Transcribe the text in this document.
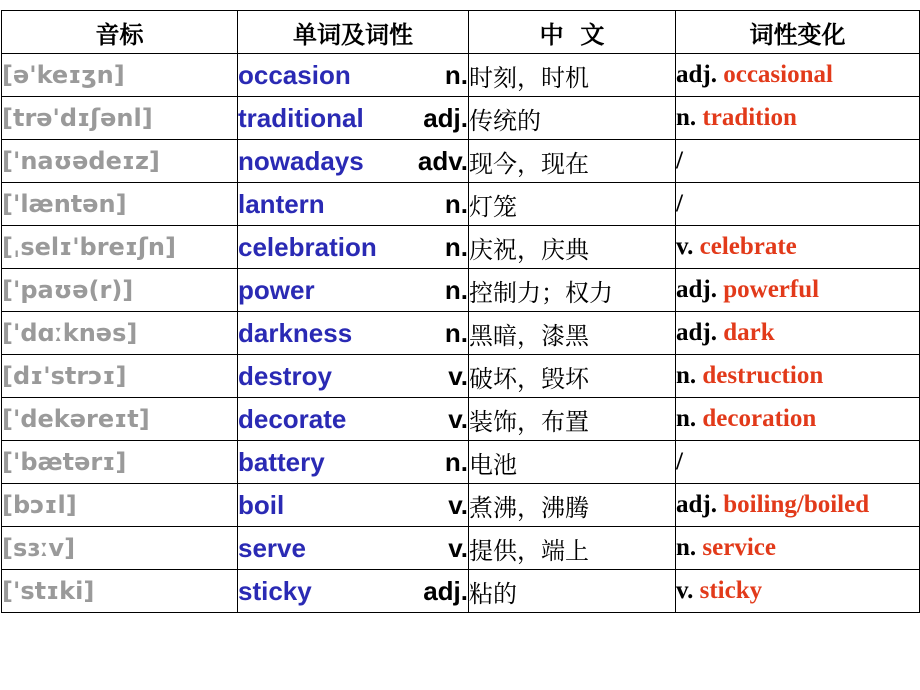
音标	单词及词性	中  文	词性变化
[ə'keɪʒn]	occasion n.	时刻，时机	adj. occasional
[trə'dɪʃənl]	traditional adj.	传统的	n. tradition
['naʊədeɪz]	nowadays adv.	现今，现在	/
['læntən]	lantern n.	灯笼	/
[ˌselɪ'breɪʃn]	celebration n.	庆祝，庆典	v. celebrate
['paʊə(r)]	power n.	控制力；权力	adj. powerful
['dɑːknəs]	darkness n.	黑暗，漆黑	adj. dark
[dɪ'strɔɪ]	destroy v.	破坏，毁坏	n. destruction
['dekəreɪt]	decorate v.	装饰，布置	n. decoration
['bætərɪ]	battery n.	电池	/
[bɔɪl]	boil v.	煮沸，沸腾	adj. boiling/boiled
[sɜːv]	serve v.	提供，端上	n. service
['stɪki]	sticky adj.	粘的	v. sticky
